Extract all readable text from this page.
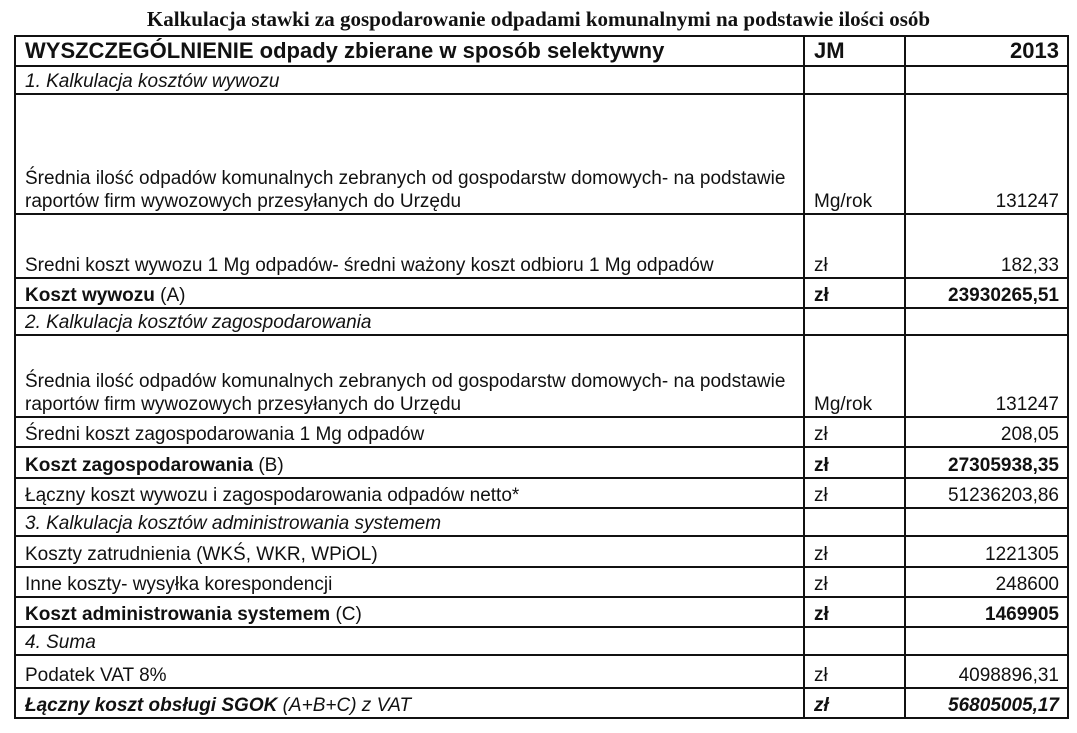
Kalkulacja stawki za gospodarowanie odpadami komunalnymi na podstawie ilości osób
WYSZCZEGÓLNIENIE odpady zbierane w sposób selektywny	JM	2013
1. Kalkulacja kosztów wywozu		
Średnia ilość odpadów komunalnych zebranych od gospodarstw domowych- na podstawie raportów firm wywozowych przesyłanych do Urzędu	Mg/rok	131247
Sredni koszt wywozu 1 Mg odpadów- średni ważony koszt odbioru 1 Mg odpadów	zł	182,33
Koszt wywozu (A)	zł	23930265,51
2. Kalkulacja kosztów zagospodarowania		
Średnia ilość odpadów komunalnych zebranych od gospodarstw domowych- na podstawie raportów firm wywozowych przesyłanych do Urzędu	Mg/rok	131247
Średni koszt zagospodarowania 1 Mg odpadów	zł	208,05
Koszt zagospodarowania (B)	zł	27305938,35
Łączny koszt wywozu i zagospodarowania odpadów netto*	zł	51236203,86
3. Kalkulacja kosztów administrowania systemem		
Koszty zatrudnienia (WKŚ, WKR, WPiOL)	zł	1221305
Inne koszty- wysyłka korespondencji	zł	248600
Koszt administrowania systemem (C)	zł	1469905
4. Suma		
Podatek VAT 8%	zł	4098896,31
Łączny koszt obsługi SGOK (A+B+C) z VAT	zł	56805005,17
